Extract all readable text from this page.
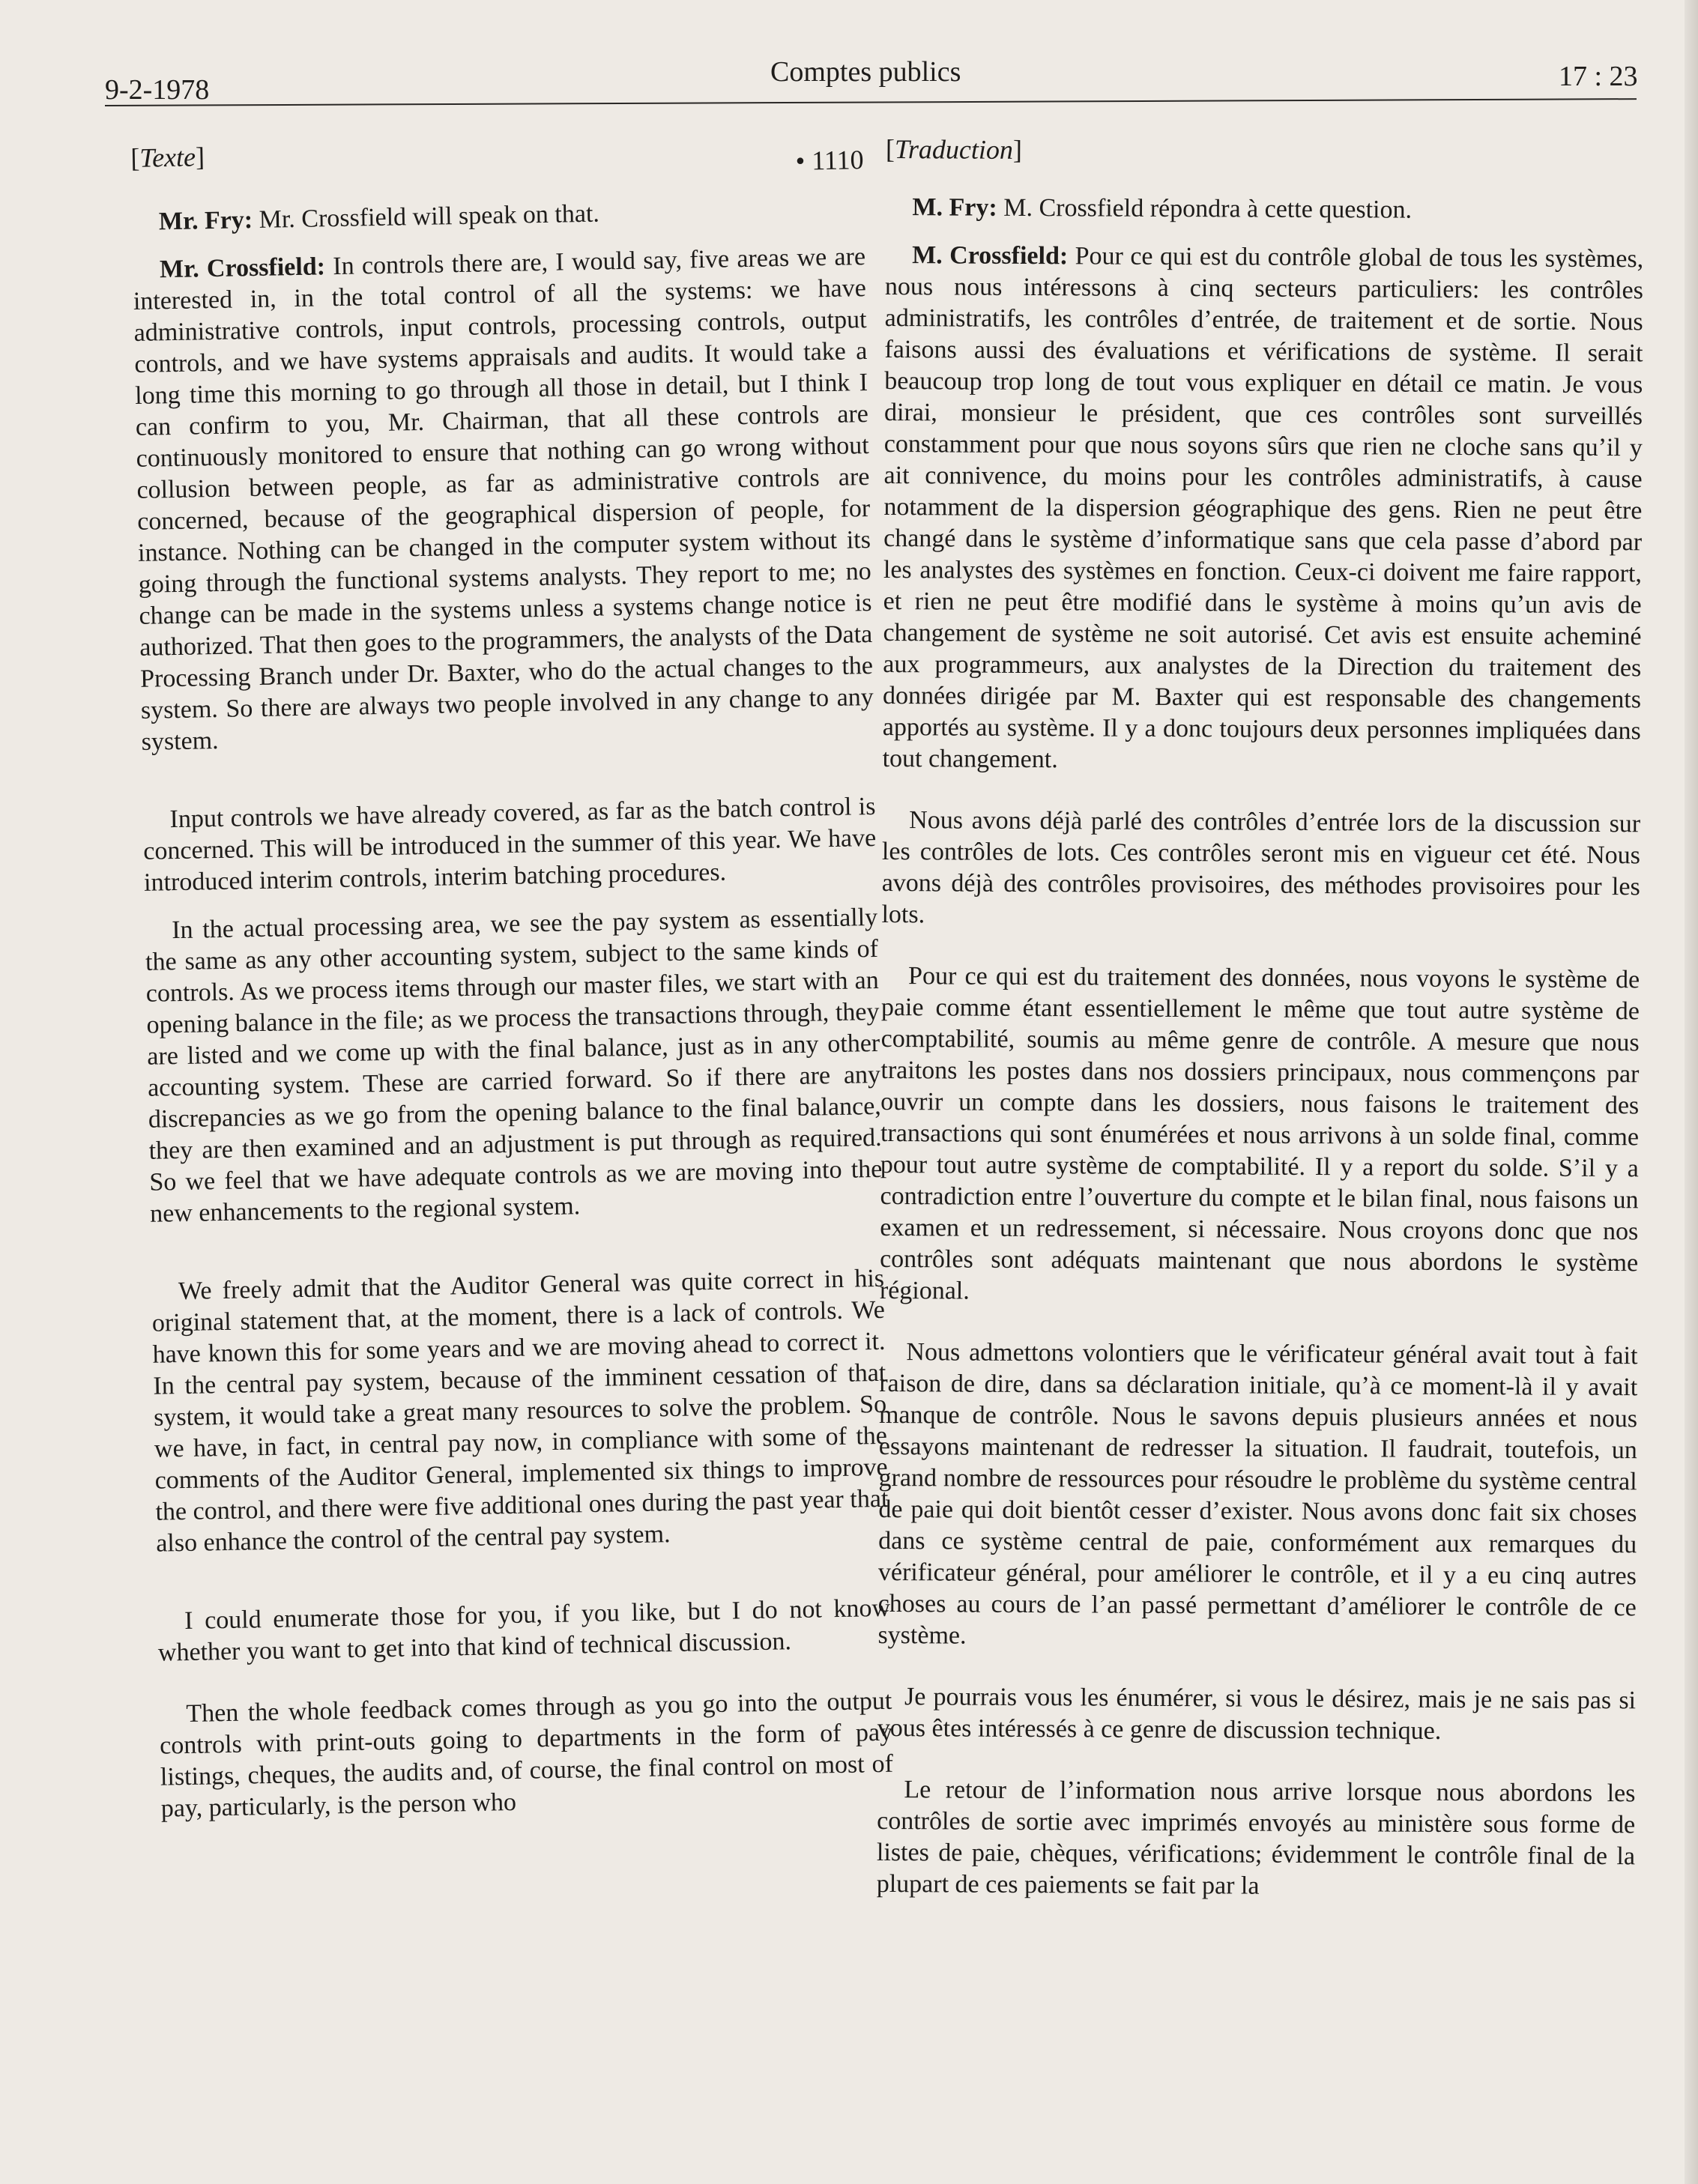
9-2-1978
Comptes publics	17 : 23
[Texte]	• 1110

Mr. Fry: Mr. Crossfield will speak on that.

Mr. Crossfield: In controls there are, I would say, five areas we are interested in, in the total control of all the systems: we have administrative controls, input controls, processing controls, output controls, and we have systems appraisals and audits. It would take a long time this morning to go through all those in detail, but I think I can confirm to you, Mr. Chairman, that all these controls are continuously monitored to ensure that nothing can go wrong without collusion between people, as far as administrative controls are concerned, because of the geographical dispersion of people, for instance. Nothing can be changed in the computer system without its going through the functional systems analysts. They report to me; no change can be made in the systems unless a systems change notice is authorized. That then goes to the programmers, the analysts of the Data Processing Branch under Dr. Baxter, who do the actual changes to the system. So there are always two people involved in any change to any system.

Input controls we have already covered, as far as the batch control is concerned. This will be introduced in the summer of this year. We have introduced interim controls, interim batching procedures.

In the actual processing area, we see the pay system as essentially the same as any other accounting system, subject to the same kinds of controls. As we process items through our master files, we start with an opening balance in the file; as we process the transactions through, they are listed and we come up with the final balance, just as in any other accounting system. These are carried forward. So if there are any discrepancies as we go from the opening balance to the final balance, they are then examined and an adjustment is put through as required. So we feel that we have adequate controls as we are moving into the new enhancements to the regional system.

We freely admit that the Auditor General was quite correct in his original statement that, at the moment, there is a lack of controls. We have known this for some years and we are moving ahead to correct it. In the central pay system, because of the imminent cessation of that system, it would take a great many resources to solve the problem. So we have, in fact, in central pay now, in compliance with some of the comments of the Auditor General, implemented six things to improve the control, and there were five additional ones during the past year that also enhance the control of the central pay system.

I could enumerate those for you, if you like, but I do not know whether you want to get into that kind of technical discussion.

Then the whole feedback comes through as you go into the output controls with print-outs going to departments in the form of pay listings, cheques, the audits and, of course, the final control on most of pay, particularly, is the person who

[Traduction]

M. Fry: M. Crossfield répondra à cette question.

M. Crossfield: Pour ce qui est du contrôle global de tous les systèmes, nous nous intéressons à cinq secteurs particuliers: les contrôles administratifs, les contrôles d’entrée, de traitement et de sortie. Nous faisons aussi des évaluations et vérifications de système. Il serait beaucoup trop long de tout vous expliquer en détail ce matin. Je vous dirai, monsieur le président, que ces contrôles sont surveillés constamment pour que nous soyons sûrs que rien ne cloche sans qu’il y ait connivence, du moins pour les contrôles administratifs, à cause notamment de la dispersion géographique des gens. Rien ne peut être changé dans le système d’informatique sans que cela passe d’abord par les analystes des systèmes en fonction. Ceux-ci doivent me faire rapport, et rien ne peut être modifié dans le système à moins qu’un avis de changement de système ne soit autorisé. Cet avis est ensuite acheminé aux programmeurs, aux analystes de la Direction du traitement des données dirigée par M. Baxter qui est responsable des changements apportés au système. Il y a donc toujours deux personnes impliquées dans tout changement.

Nous avons déjà parlé des contrôles d’entrée lors de la discussion sur les contrôles de lots. Ces contrôles seront mis en vigueur cet été. Nous avons déjà des contrôles provisoires, des méthodes provisoires pour les lots.

Pour ce qui est du traitement des données, nous voyons le système de paie comme étant essentiellement le même que tout autre système de comptabilité, soumis au même genre de contrôle. A mesure que nous traitons les postes dans nos dossiers principaux, nous commençons par ouvrir un compte dans les dossiers, nous faisons le traitement des transactions qui sont énumérées et nous arrivons à un solde final, comme pour tout autre système de comptabilité. Il y a report du solde. S’il y a contradiction entre l’ouverture du compte et le bilan final, nous faisons un examen et un redressement, si nécessaire. Nous croyons donc que nos contrôles sont adéquats maintenant que nous abordons le système régional.

Nous admettons volontiers que le vérificateur général avait tout à fait raison de dire, dans sa déclaration initiale, qu’à ce moment-là il y avait manque de contrôle. Nous le savons depuis plusieurs années et nous essayons maintenant de redresser la situation. Il faudrait, toutefois, un grand nombre de ressources pour résoudre le problème du système central de paie qui doit bientôt cesser d’exister. Nous avons donc fait six choses dans ce système central de paie, conformément aux remarques du vérificateur général, pour améliorer le contrôle, et il y a eu cinq autres choses au cours de l’an passé permettant d’améliorer le contrôle de ce système.

Je pourrais vous les énumérer, si vous le désirez, mais je ne sais pas si vous êtes intéressés à ce genre de discussion technique.

Le retour de l’information nous arrive lorsque nous abordons les contrôles de sortie avec imprimés envoyés au ministère sous forme de listes de paie, chèques, vérifications; évidemment le contrôle final de la plupart de ces paiements se fait par la
